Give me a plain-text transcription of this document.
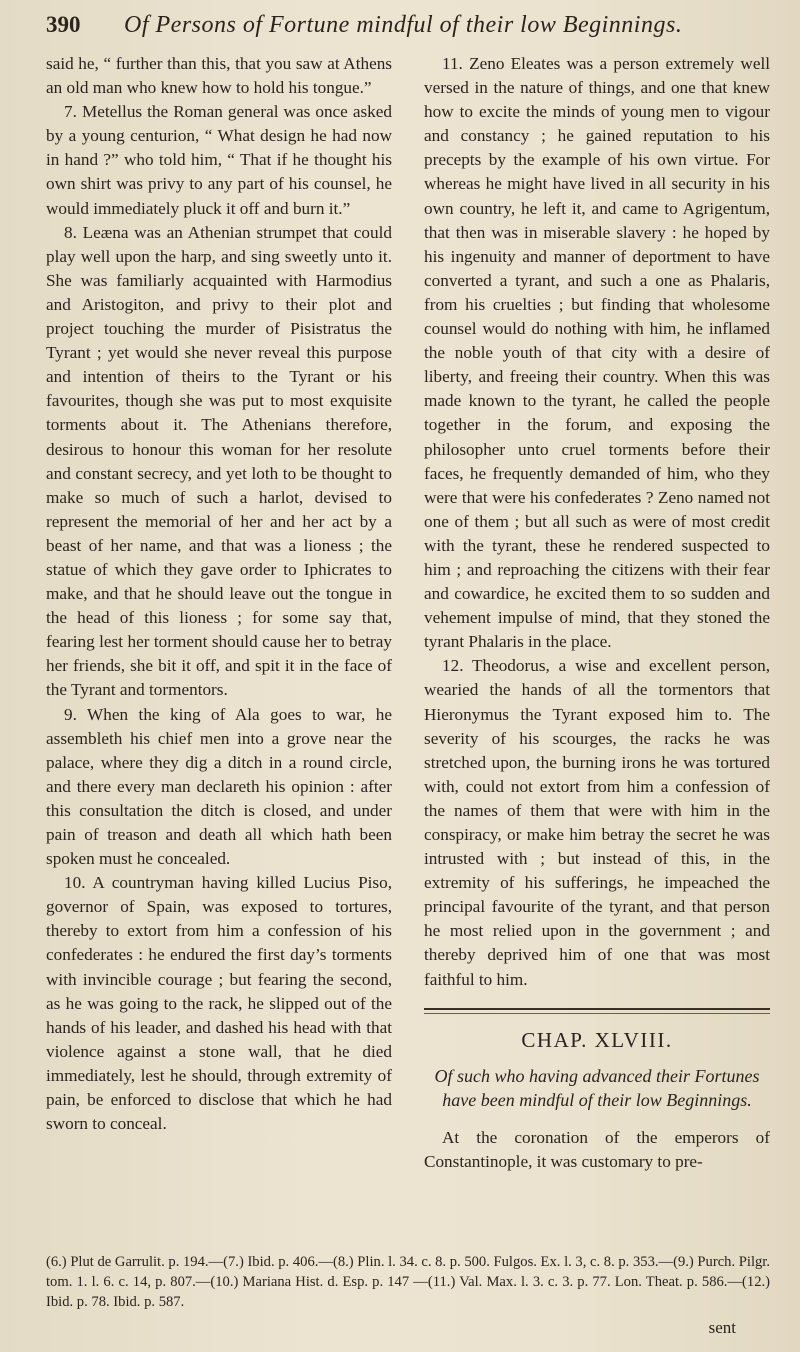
390	Of Persons of Fortune mindful of their low Beginnings.

said he, “ further than this, that you saw at Athens an old man who knew how to hold his tongue.”

7. Metellus the Roman general was once asked by a young centurion, “ What design he had now in hand ?” who told him, “ That if he thought his own shirt was privy to any part of his counsel, he would immediately pluck it off and burn it.”

8. Leæna was an Athenian strumpet that could play well upon the harp, and sing sweetly unto it. She was familiarly acquainted with Harmodius and Aristogiton, and privy to their plot and project touching the murder of Pisistratus the Tyrant ; yet would she never reveal this purpose and intention of theirs to the Tyrant or his favourites, though she was put to most exquisite torments about it. The Athenians therefore, desirous to honour this woman for her resolute and constant secrecy, and yet loth to be thought to make so much of such a harlot, devised to represent the memorial of her and her act by a beast of her name, and that was a lioness ; the statue of which they gave order to Iphicrates to make, and that he should leave out the tongue in the head of this lioness ; for some say that, fearing lest her torment should cause her to betray her friends, she bit it off, and spit it in the face of the Tyrant and tormentors.

9. When the king of Ala goes to war, he assembleth his chief men into a grove near the palace, where they dig a ditch in a round circle, and there every man declareth his opinion : after this consultation the ditch is closed, and under pain of treason and death all which hath been spoken must he concealed.

10. A countryman having killed Lucius Piso, governor of Spain, was exposed to tortures, thereby to extort from him a confession of his confederates : he endured the first day’s torments with invincible courage ; but fearing the second, as he was going to the rack, he slipped out of the hands of his leader, and dashed his head with that violence against a stone wall, that he died immediately, lest he should, through extremity of pain, be enforced to disclose that which he had sworn to conceal.

11. Zeno Eleates was a person extremely well versed in the nature of things, and one that knew how to excite the minds of young men to vigour and constancy ; he gained reputation to his precepts by the example of his own virtue. For whereas he might have lived in all security in his own country, he left it, and came to Agrigentum, that then was in miserable slavery : he hoped by his ingenuity and manner of deportment to have converted a tyrant, and such a one as Phalaris, from his cruelties ; but finding that wholesome counsel would do nothing with him, he inflamed the noble youth of that city with a desire of liberty, and freeing their country. When this was made known to the tyrant, he called the people together in the forum, and exposing the philosopher unto cruel torments before their faces, he frequently demanded of him, who they were that were his confederates ? Zeno named not one of them ; but all such as were of most credit with the tyrant, these he rendered suspected to him ; and reproaching the citizens with their fear and cowardice, he excited them to so sudden and vehement impulse of mind, that they stoned the tyrant Phalaris in the place.

12. Theodorus, a wise and excellent person, wearied the hands of all the tormentors that Hieronymus the Tyrant exposed him to. The severity of his scourges, the racks he was stretched upon, the burning irons he was tortured with, could not extort from him a confession of the names of them that were with him in the conspiracy, or make him betray the secret he was intrusted with ; but instead of this, in the extremity of his sufferings, he impeached the principal favourite of the tyrant, and that person he most relied upon in the government ; and thereby deprived him of one that was most faithful to him.

CHAP. XLVIII.
Of such who having advanced their Fortunes have been mindful of their low Beginnings.

At the coronation of the emperors of Constantinople, it was customary to pre-

(6.) Plut de Garrulit. p. 194.—(7.) Ibid. p. 406.—(8.) Plin. l. 34. c. 8. p. 500. Fulgos. Ex. l. 3, c. 8. p. 353.—(9.) Purch. Pilgr. tom. 1. l. 6. c. 14, p. 807.—(10.) Mariana Hist. d. Esp. p. 147 —(11.) Val. Max. l. 3. c. 3. p. 77. Lon. Theat. p. 586.—(12.) Ibid. p. 78. Ibid. p. 587.
sent
